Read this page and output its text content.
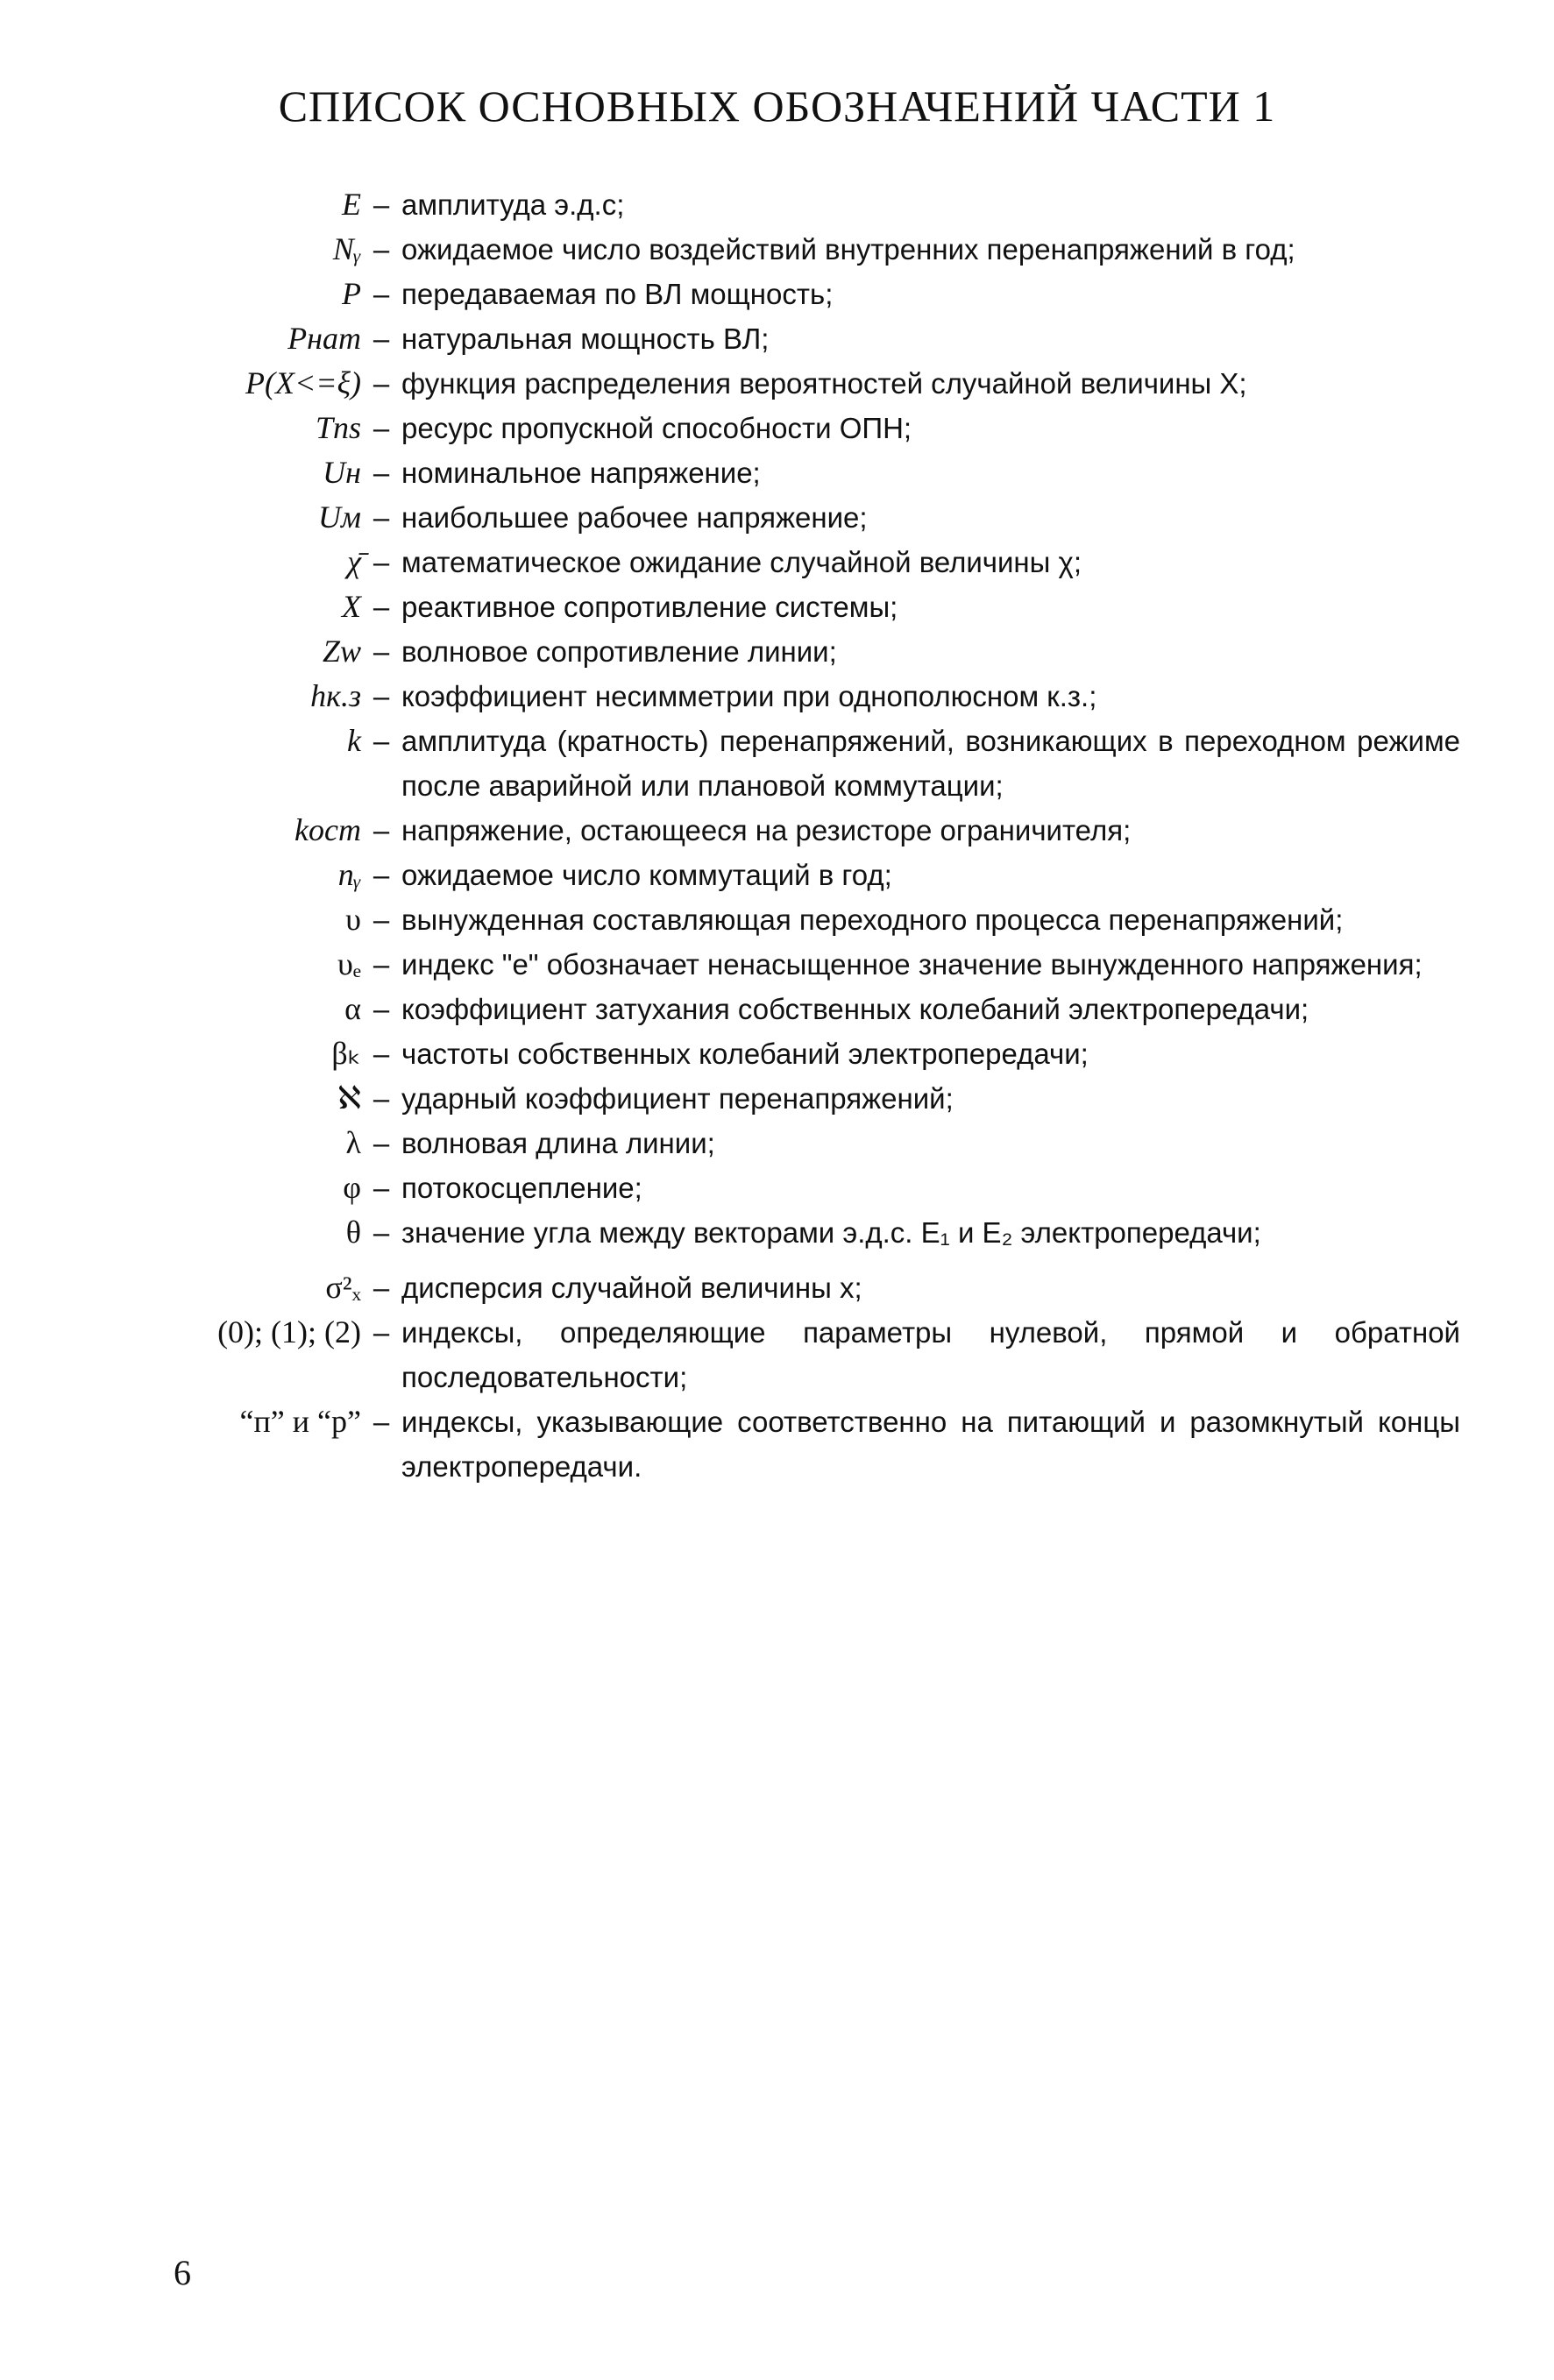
СПИСОК ОСНОВНЫХ ОБОЗНАЧЕНИЙ ЧАСТИ 1
E – амплитуда э.д.с;
Nᵧ – ожидаемое число воздействий внутренних перенапряжений в год;
P – передаваемая по ВЛ мощность;
Pнат – натуральная мощность ВЛ;
P(X<=ξ) – функция распределения вероятностей случайной величины X;
Tns – ресурс пропускной способности ОПН;
Uн – номинальное напряжение;
Uм – наибольшее рабочее напряжение;
χ̄ – математическое ожидание случайной величины χ;
X – реактивное сопротивление системы;
Zw – волновое сопротивление линии;
hк.з – коэффициент несимметрии при однополюсном к.з.;
k – амплитуда (кратность) перенапряжений, возникающих в переходном режиме после аварийной или плановой коммутации;
kост – напряжение, остающееся на резисторе ограничителя;
nᵧ – ожидаемое число коммутаций в год;
υ – вынужденная составляющая переходного процесса перенапряжений;
υₑ – индекс "е" обозначает ненасыщенное значение вынужденного напряжения;
α – коэффициент затухания собственных колебаний электропередачи;
βₖ – частоты собственных колебаний электропередачи;
ℵ – ударный коэффициент перенапряжений;
λ – волновая длина линии;
φ – потокосцепление;
θ – значение угла между векторами э.д.с. E₁ и E₂ электропередачи;
σ²ₓ – дисперсия случайной величины x;
(0); (1); (2) – индексы, определяющие параметры нулевой, прямой и обратной последовательности;
“п” и “р” – индексы, указывающие соответственно на питающий и разомкнутый концы электропередачи.
6
